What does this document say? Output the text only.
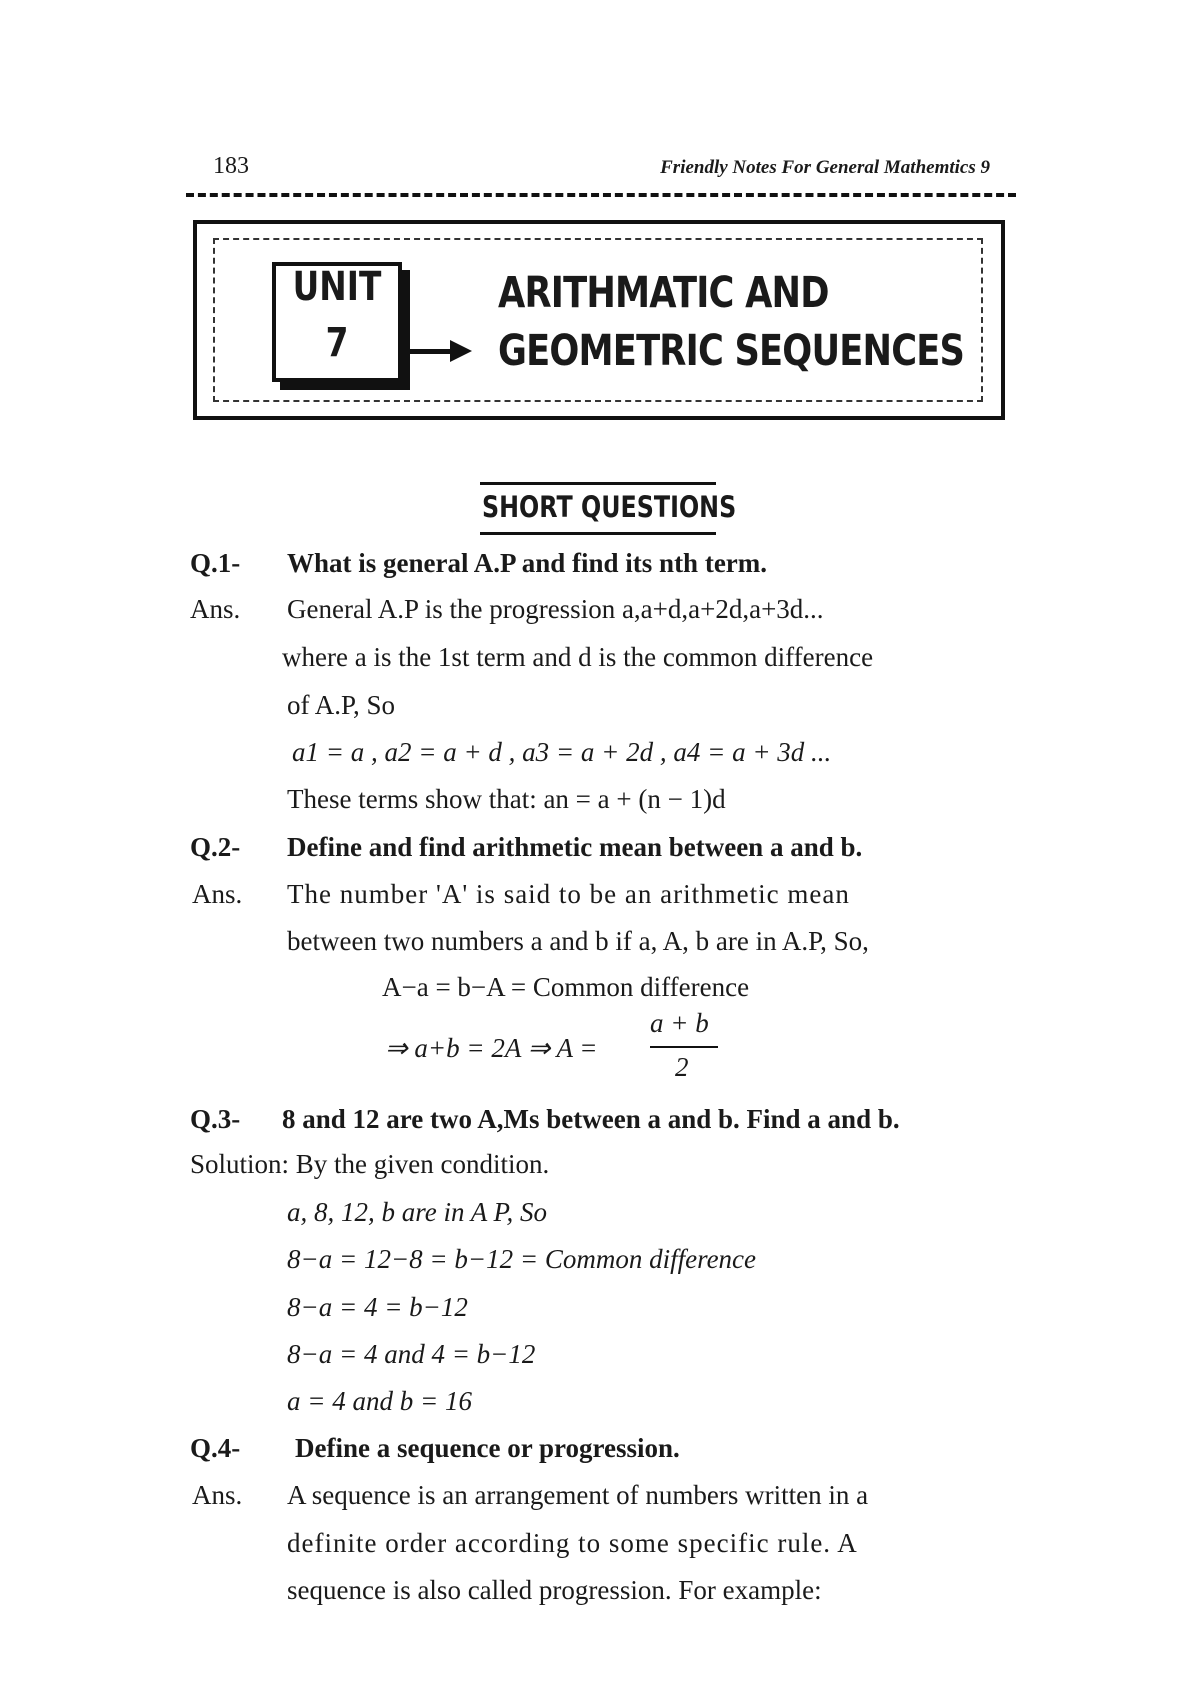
183	Friendly Notes For General Mathemtics 9
UNIT
7
ARITHMATIC AND
GEOMETRIC SEQUENCES
SHORT QUESTIONS
Q.1- What is general A.P and find its nth term.
Ans. General A.P is the progression a,a+d,a+2d,a+3d...
where a is the 1st term and d is the common difference
of A.P, So
a1 = a , a2 = a + d , a3 = a + 2d , a4 = a + 3d ...
These terms show that: an = a + (n − 1)d
Q.2- Define and find arithmetic mean between a and b.
Ans. The number 'A' is said to be an arithmetic mean
between two numbers a and b if a, A, b are in A.P, So,
A−a = b−A = Common difference
⇒ a+b = 2A ⇒ A =
a + b
2
Q.3- 8 and 12 are two A,Ms between a and b. Find a and b.
Solution: By the given condition.
a, 8, 12, b are in A P, So
8−a = 12−8 = b−12 = Common difference
8−a = 4 = b−12
8−a = 4 and 4 = b−12
a = 4 and b = 16
Q.4- Define a sequence or progression.
Ans. A sequence is an arrangement of numbers written in a
definite order according to some specific rule. A
sequence is also called progression. For example:
